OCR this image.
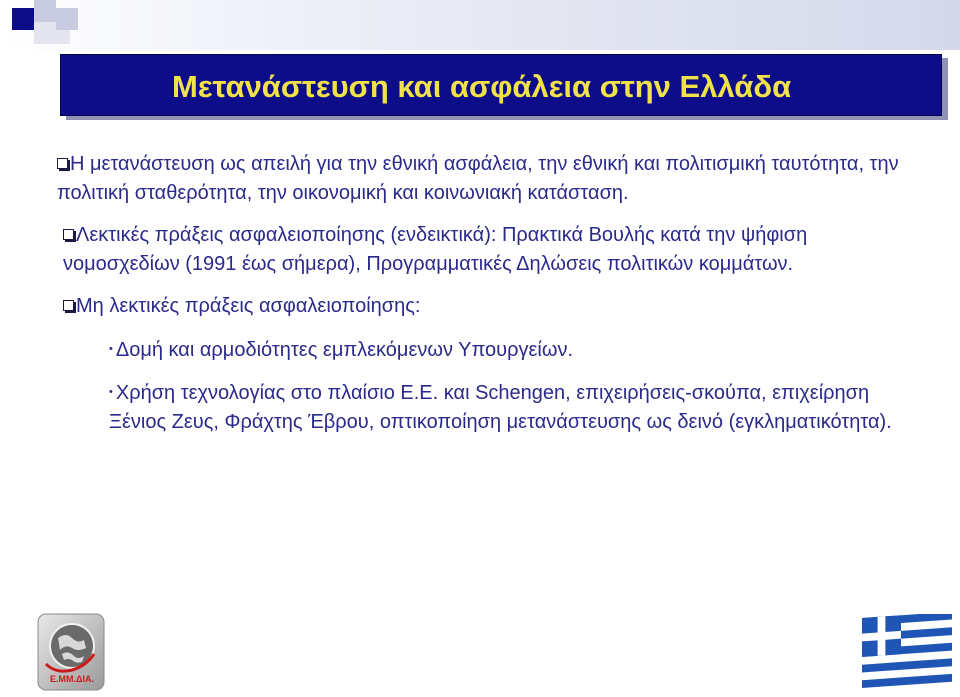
Μετανάστευση και ασφάλεια στην Ελλάδα

Η μετανάστευση ως απειλή για την εθνική ασφάλεια, την εθνική και πολιτισμική ταυτότητα, την πολιτική σταθερότητα, την οικονομική και κοινωνιακή κατάσταση.

Λεκτικές πράξεις ασφαλειοποίησης (ενδεικτικά): Πρακτικά Βουλής κατά την ψήφιση νομοσχεδίων (1991 έως σήμερα), Προγραμματικές Δηλώσεις πολιτικών κομμάτων.

Μη λεκτικές πράξεις ασφαλειοποίησης:

• Δομή και αρμοδιότητες εμπλεκόμενων Υπουργείων.

• Χρήση τεχνολογίας στο πλαίσιο Ε.Ε. και Schengen, επιχειρήσεις-σκούπα, επιχείρηση Ξένιος Ζευς, Φράχτης Έβρου, οπτικοποίηση μετανάστευσης ως δεινό (εγκληματικότητα).

Ε.ΜΜ.ΔΙΑ.
